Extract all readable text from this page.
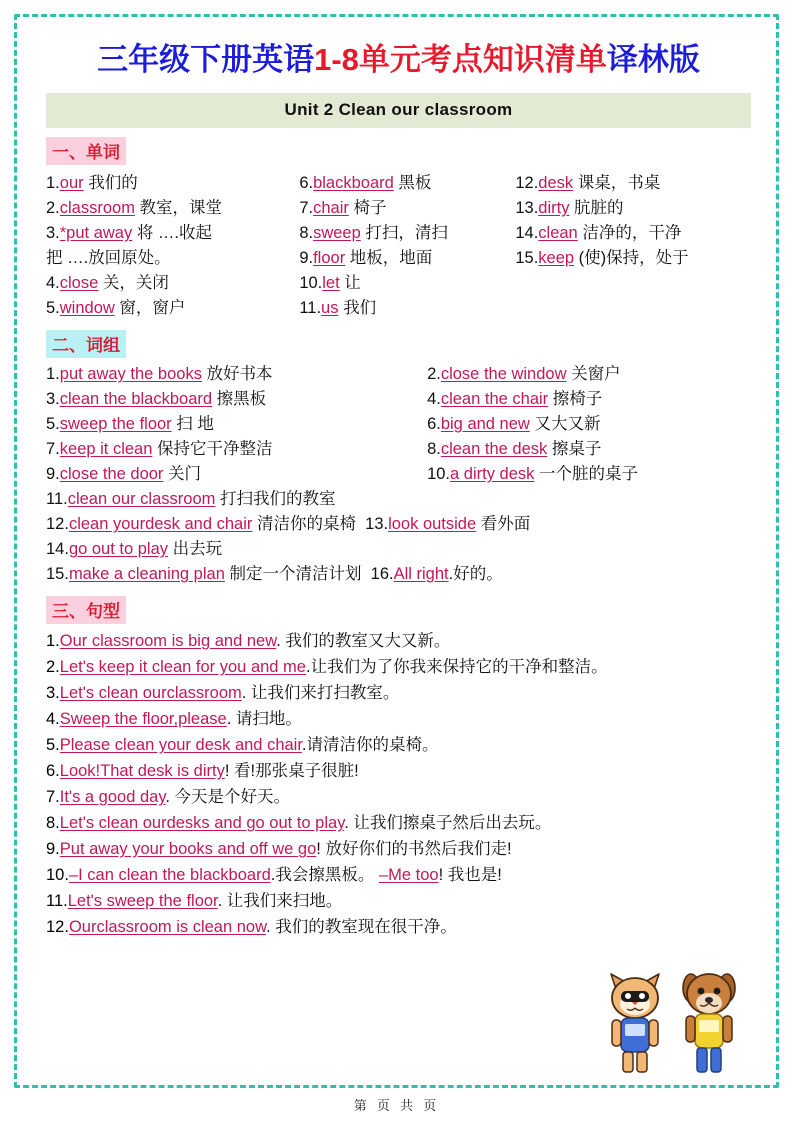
三年级下册英语1-8单元考点知识清单译林版
Unit 2 Clean our classroom
一、单词
1.our 我们的	6.blackboard 黑板	12.desk 课桌，书桌
2.classroom 教室，课堂	7.chair 椅子	13.dirty 肮脏的
3.*put away 将 ….收起	8.sweep 打扫，清扫	14.clean 洁净的，干净
把 ….放回原处。	9.floor 地板，地面	15.keep (使)保持，处于
4.close 关，关闭	10.let 让
5.window 窗，窗户	11.us 我们
二、词组
1.put away the books 放好书本	2.close the window 关窗户
3.clean the blackboard 擦黑板	4.clean the chair 擦椅子
5.sweep the floor 扫 地	6.big and new 又大又新
7.keep it clean 保持它干净整洁	8.clean the desk 擦桌子
9.close the door 关门	10.a dirty desk 一个脏的桌子
11.clean our classroom 打扫我们的教室
12.clean yourdesk and chair 清洁你的桌椅 13.look outside 看外面
14.go out to play 出去玩
15.make a cleaning plan 制定一个清洁计划 16.All right.好的。
三、句型
1.Our classroom is big and new. 我们的教室又大又新。
2.Let's keep it clean for you and me.让我们为了你我来保持它的干净和整洁。
3.Let's clean ourclassroom. 让我们来打扫教室。
4.Sweep the floor,please. 请扫地。
5.Please clean your desk and chair.请清洁你的桌椅。
6.Look!That desk is dirty! 看!那张桌子很脏!
7.It's a good day. 今天是个好天。
8.Let's clean ourdesks and go out to play. 让我们擦桌子然后出去玩。
9.Put away your books and off we go! 放好你们的书然后我们走!
10.–I can clean the blackboard.我会擦黑板。 –Me too! 我也是!
11.Let's sweep the floor. 让我们来扫地。
12.Ourclassroom is clean now. 我们的教室现在很干净。
第 页 共 页
